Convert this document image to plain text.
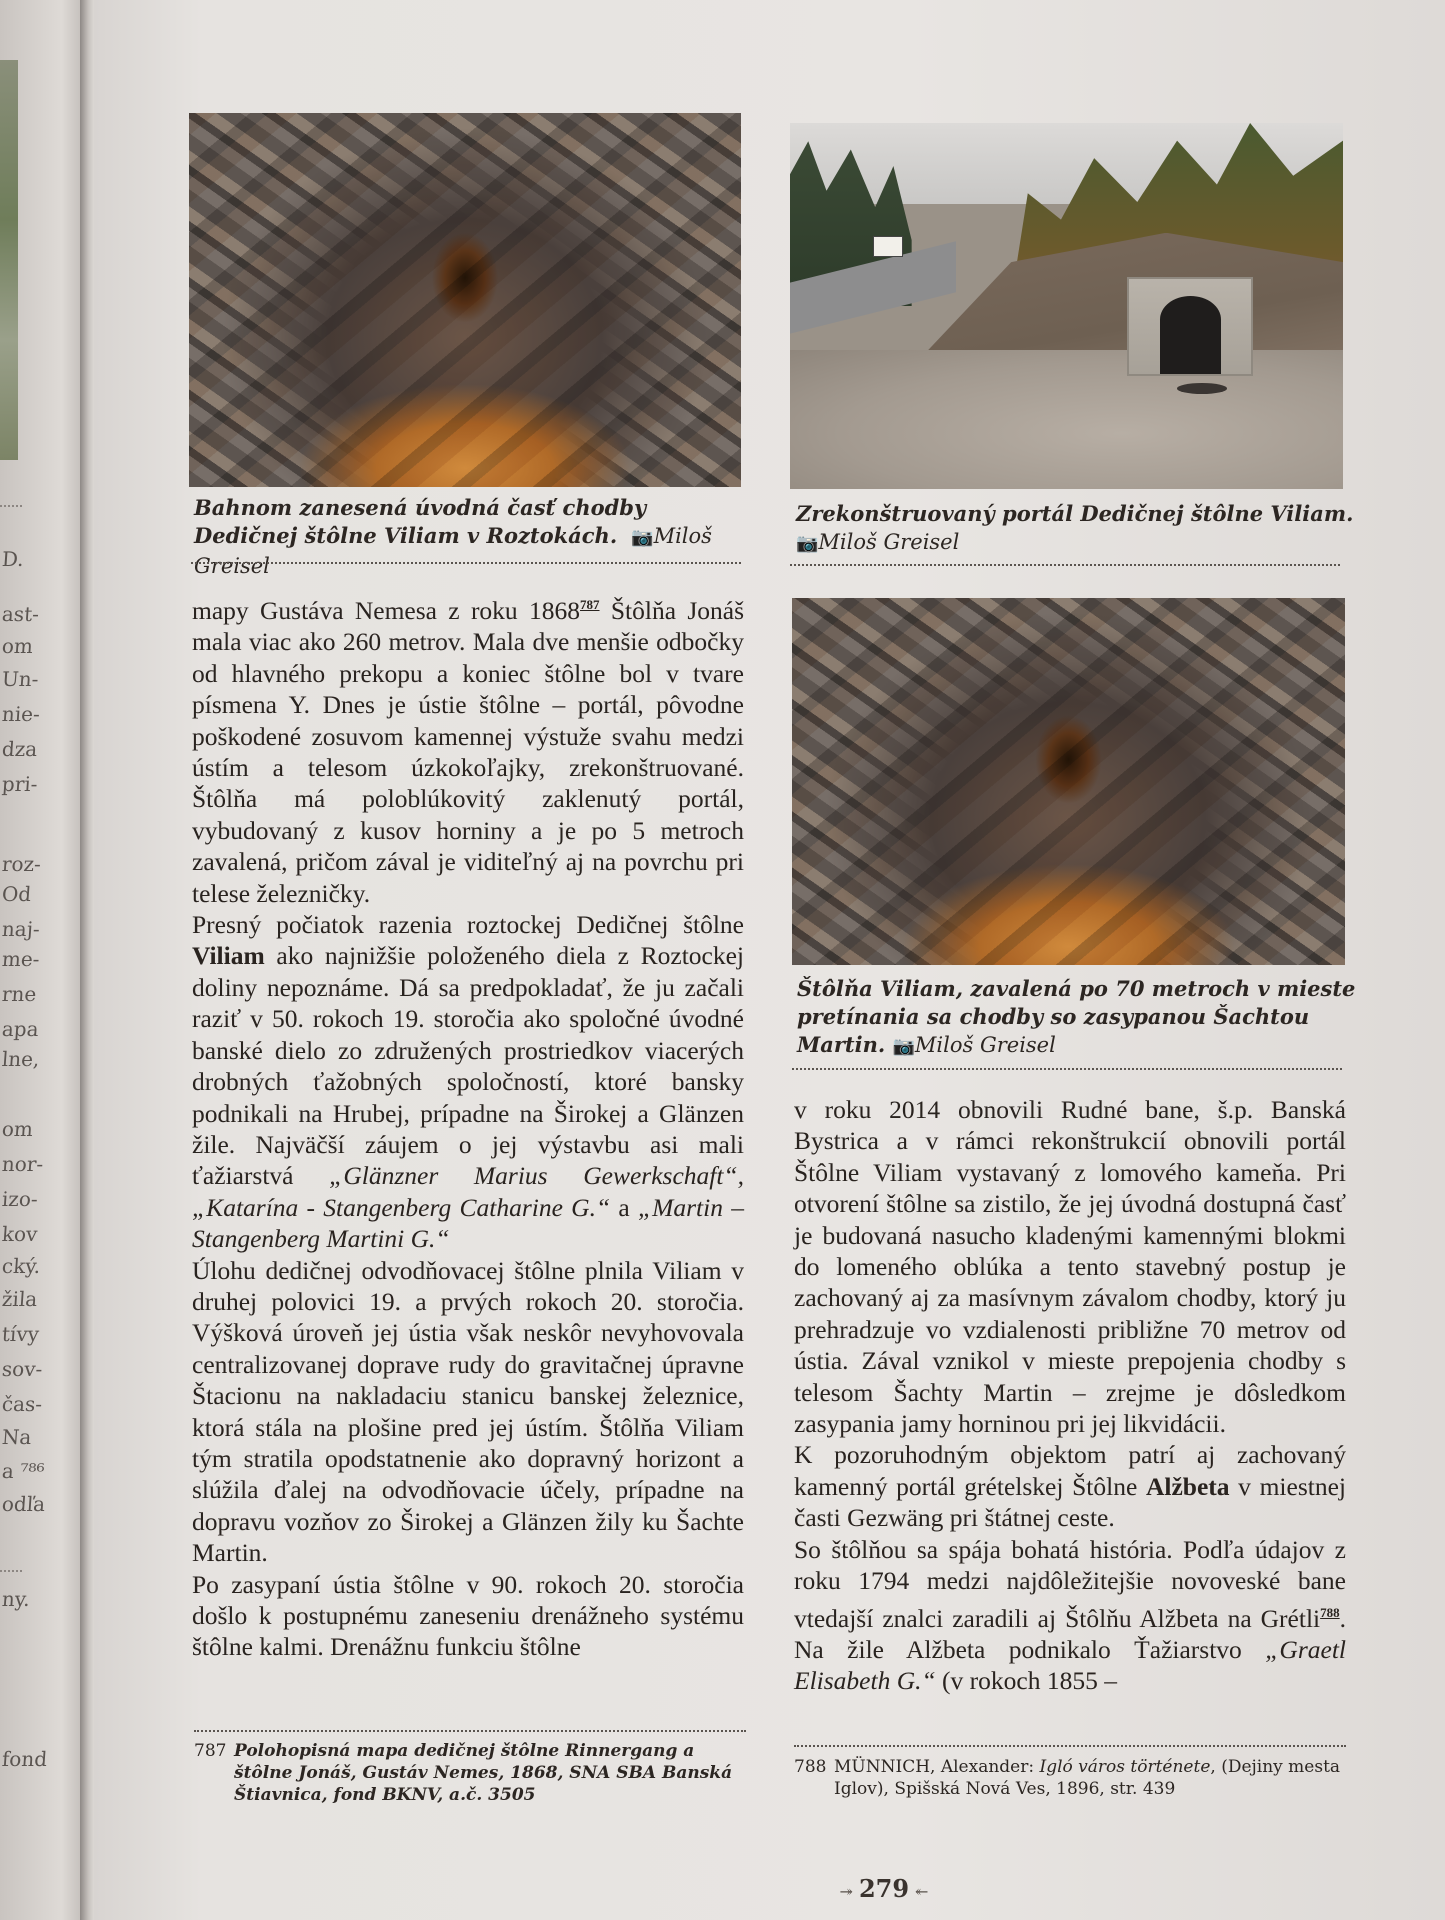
D.
ast-
om
Un-
nie-
dza
pri-
roz-
Od
naj-
me-
rne
apa
lne,
om
nor-
izo-
kov
cký.
žila
tívy
sov-
čas-
Na
a ⁷⁸⁶
odľa
ny.
fond
Bahnom zanesená úvodná časť chodby Dedičnej štôlne Viliam v Roztokách. 📷Miloš Greisel
Zrekonštruovaný portál Dedičnej štôlne Viliam.
📷Miloš Greisel
Štôlňa Viliam, zavalená po 70 metroch v mieste pretínania sa chodby so zasypanou Šachtou Martin. 📷Miloš Greisel

mapy Gustáva Nemesa z roku 1868$^{787}$ Štôlňa Jonáš mala viac ako 260 metrov. Mala dve menšie odbočky od hlavného prekopu a koniec štôlne bol v tvare písmena Y. Dnes je ústie štôlne – portál, pôvodne poškodené zosuvom kamennej výstuže svahu medzi ústím a telesom úzkokoľajky, zrekonštruované. Štôlňa má poloblúkovitý zaklenutý portál, vybudovaný z kusov horniny a je po 5 metroch zavalená, pričom zával je viditeľný aj na povrchu pri telese železničky.

Presný počiatok razenia roztockej Dedičnej štôlne Viliam ako najnižšie položeného diela z Roztockej doliny nepoznáme. Dá sa predpokladať, že ju začali raziť v 50. rokoch 19. storočia ako spoločné úvodné banské dielo zo združených prostriedkov viacerých drobných ťažobných spoločností, ktoré bansky podnikali na Hrubej, prípadne na Širokej a Glänzen žile. Najväčší záujem o jej výstavbu asi mali ťažiarstvá „Glänzner Marius Gewerkschaft“, „Katarína - Stangenberg Catharine G.“ a „Martin – Stangenberg Martini G.“

Úlohu dedičnej odvodňovacej štôlne plnila Viliam v druhej polovici 19. a prvých rokoch 20. storočia. Výšková úroveň jej ústia však neskôr nevyhovovala centralizovanej doprave rudy do gravitačnej úpravne Štacionu na nakladaciu stanicu banskej železnice, ktorá stála na plošine pred jej ústím. Štôlňa Viliam tým stratila opodstatnenie ako dopravný horizont a slúžila ďalej na odvodňovacie účely, prípadne na dopravu vozňov zo Širokej a Glänzen žily ku Šachte Martin.

Po zasypaní ústia štôlne v 90. rokoch 20. storočia došlo k postupnému zaneseniu drenážneho systému štôlne kalmi. Drenážnu funkciu štôlne

v roku 2014 obnovili Rudné bane, š.p. Banská Bystrica a v rámci rekonštrukcií obnovili portál Štôlne Viliam vystavaný z lomového kameňa. Pri otvorení štôlne sa zistilo, že jej úvodná dostupná časť je budovaná nasucho kladenými kamennými blokmi do lomeného oblúka a tento stavebný postup je zachovaný aj za masívnym závalom chodby, ktorý ju prehradzuje vo vzdialenosti približne 70 metrov od ústia. Zával vznikol v mieste prepojenia chodby s telesom Šachty Martin – zrejme je dôsledkom zasypania jamy horninou pri jej likvidácii.

K pozoruhodným objektom patrí aj zachovaný kamenný portál grételskej Štôlne Alžbeta v miestnej časti Gezwäng pri štátnej ceste.

So štôlňou sa spája bohatá história. Podľa údajov z roku 1794 medzi najdôležitejšie novoveské bane vtedajší znalci zaradili aj Štôlňu Alžbeta na Grétli$^{788}$. Na žile Alžbeta podnikalo Ťažiarstvo „Graetl Elisabeth G.“ (v rokoch 1855 –

787 Polohopisná mapa dedičnej štôlne Rinnergang a štôlne Jonáš, Gustáv Nemes, 1868, SNA SBA Banská Štiavnica, fond BKNV, a.č. 3505
788 MÜNNICH, Alexander: Igló város története, (Dejiny mesta Iglov), Spišská Nová Ves, 1896, str. 439
↠ 279 ↞
